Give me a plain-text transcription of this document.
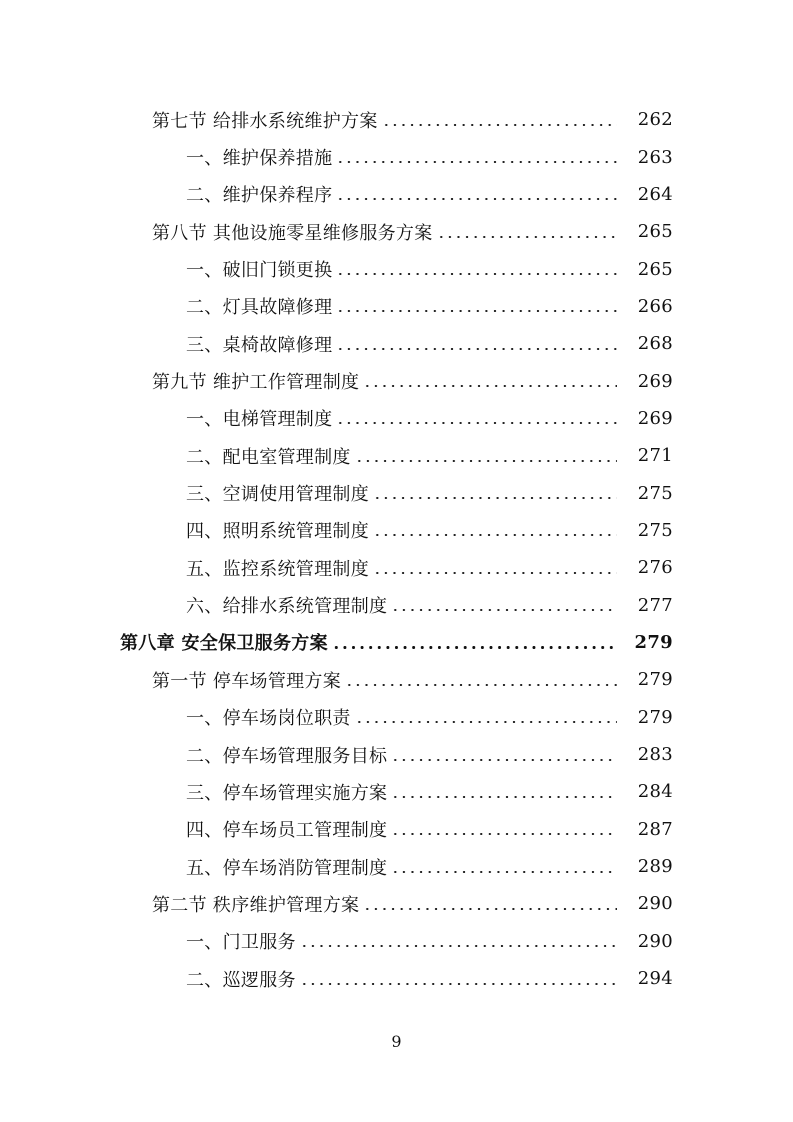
第七节 给排水系统维护方案	262
一、维护保养措施	263
二、维护保养程序	264
第八节 其他设施零星维修服务方案	265
一、破旧门锁更换	265
二、灯具故障修理	266
三、桌椅故障修理	268
第九节 维护工作管理制度	269
一、电梯管理制度	269
二、配电室管理制度	271
三、空调使用管理制度	275
四、照明系统管理制度	275
五、监控系统管理制度	276
六、给排水系统管理制度	277
第八章 安全保卫服务方案	279
第一节 停车场管理方案	279
一、停车场岗位职责	279
二、停车场管理服务目标	283
三、停车场管理实施方案	284
四、停车场员工管理制度	287
五、停车场消防管理制度	289
第二节 秩序维护管理方案	290
一、门卫服务	290
二、巡逻服务	294
9
